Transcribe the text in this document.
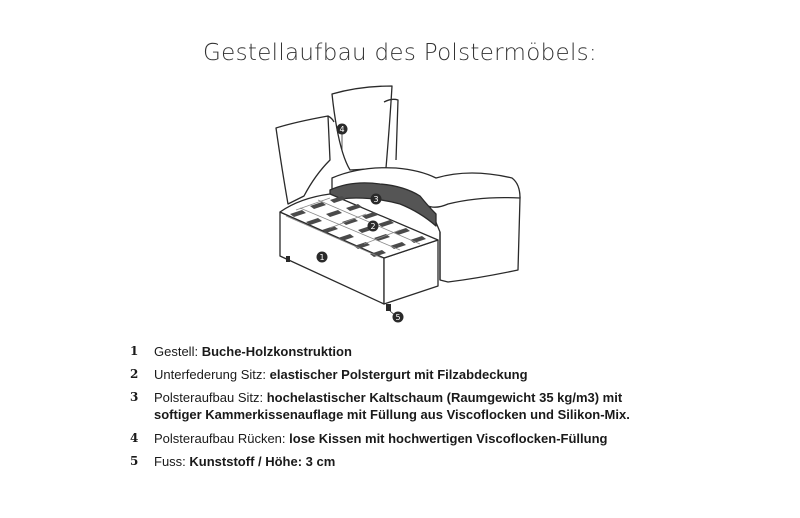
Gestellaufbau des Polstermöbels:
1
2
3
4
5
1 Gestell: Buche-Holzkonstruktion
2 Unterfederung Sitz: elastischer Polstergurt mit Filzabdeckung
3 Polsteraufbau Sitz: hochelastischer Kaltschaum (Raumgewicht 35 kg/m3) mit
softiger Kammerkissenauflage mit Füllung aus Viscoflocken und Silikon-Mix.
4 Polsteraufbau Rücken: lose Kissen mit hochwertigen Viscoflocken-Füllung
5 Fuss: Kunststoff / Höhe: 3 cm
